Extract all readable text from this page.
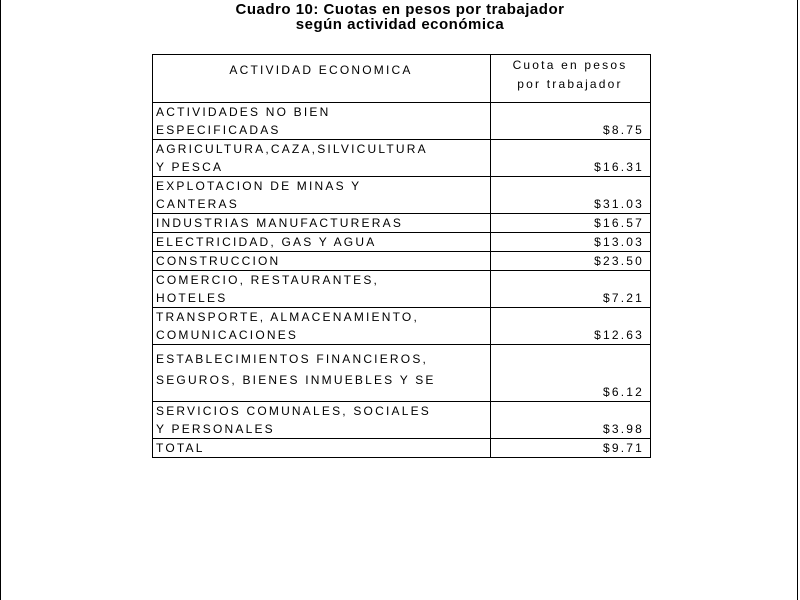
Cuadro 10: Cuotas en pesos por trabajador
según actividad económica
ACTIVIDAD ECONOMICA	Cuota en pesos
por trabajador

ACTIVIDADES NO BIEN
ESPECIFICADAS	$8.75

AGRICULTURA,CAZA,SILVICULTURA
Y PESCA	$16.31

EXPLOTACION DE MINAS Y
CANTERAS	$31.03
INDUSTRIAS MANUFACTURERAS	$16.57
ELECTRICIDAD, GAS Y AGUA	$13.03
CONSTRUCCION	$23.50

COMERCIO, RESTAURANTES,
HOTELES	$7.21

TRANSPORTE, ALMACENAMIENTO,
COMUNICACIONES	$12.63

ESTABLECIMIENTOS FINANCIEROS,
SEGUROS, BIENES INMUEBLES Y SE	$6.12

SERVICIOS COMUNALES, SOCIALES
Y PERSONALES	$3.98
TOTAL	$9.71
